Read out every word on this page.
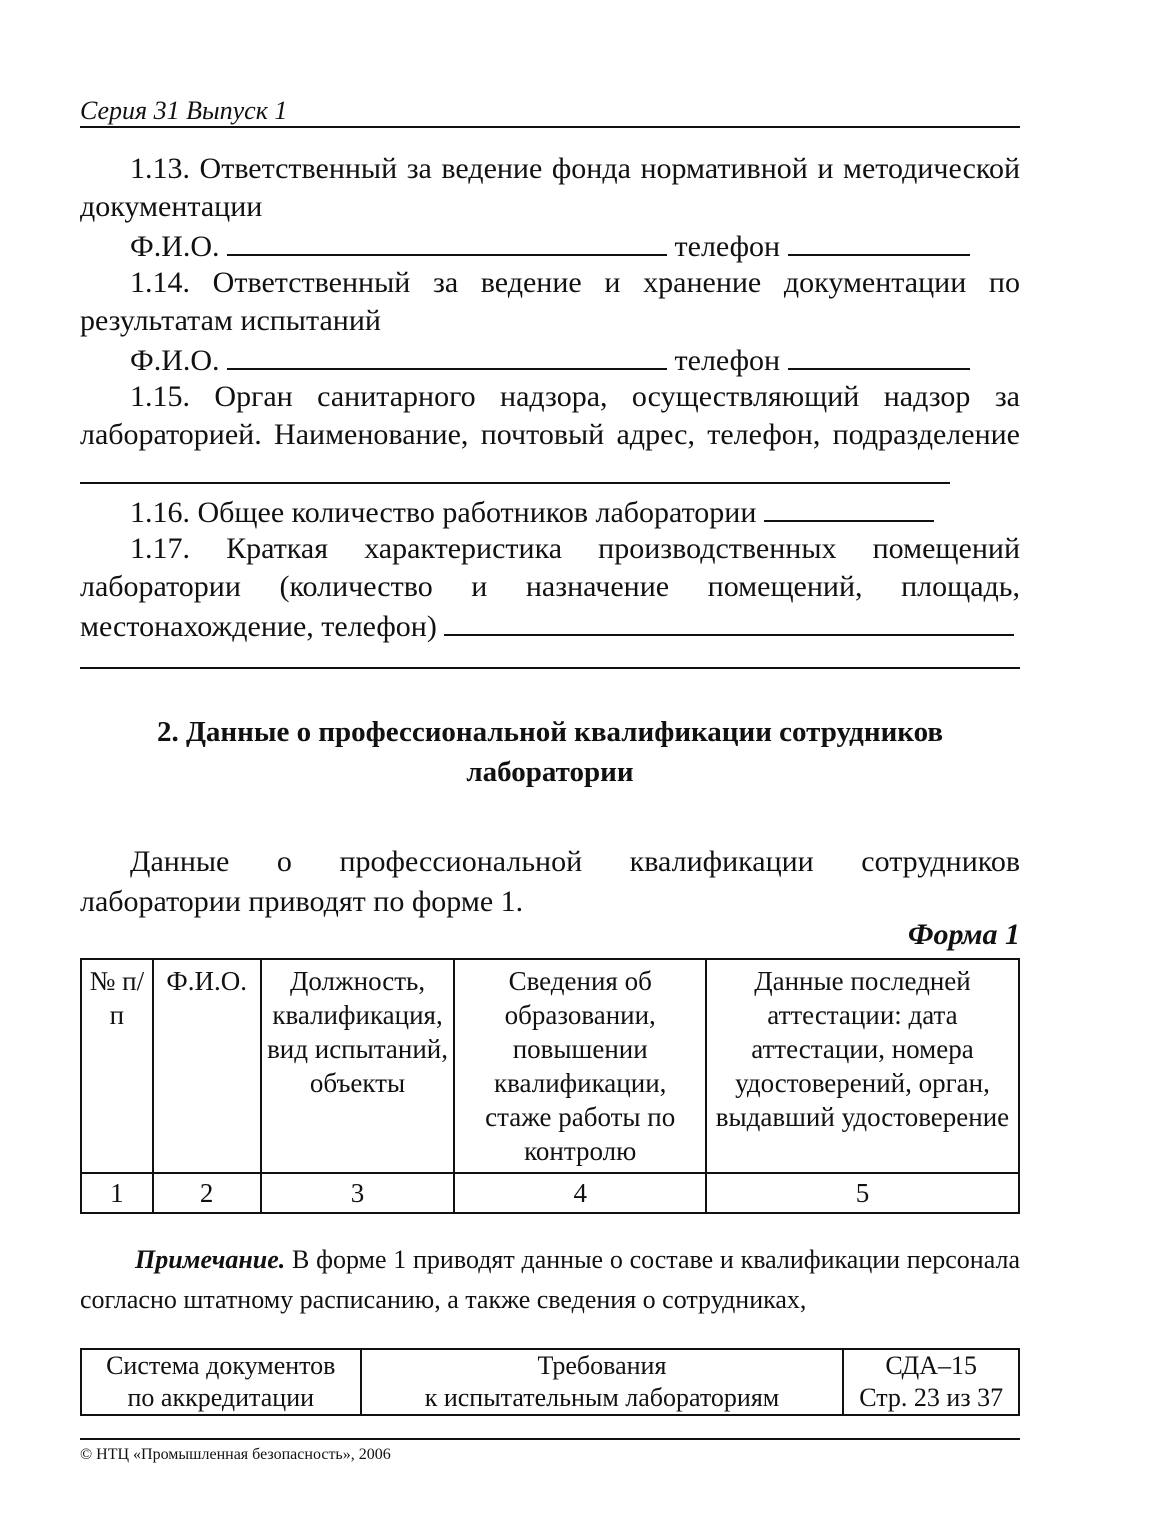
Серия 31 Выпуск 1
1.13. Ответственный за ведение фонда нормативной и методической документации
Ф.И.О.	телефон
1.14. Ответственный за ведение и хранение документации по результатам испытаний
Ф.И.О.	телефон
1.15. Орган санитарного надзора, осуществляющий надзор за лабораторией. Наименование, почтовый адрес, телефон, подразделение
1.16. Общее количество работников лаборатории
1.17. Краткая характеристика производственных помещений лаборатории (количество и назначение помещений, площадь, местонахождение, телефон)
2. Данные о профессиональной квалификации сотрудников
лаборатории
Данные о профессиональной квалификации сотрудников лаборатории приводят по форме 1.
Форма 1
№ п/п	Ф.И.О.	Должность, квалификация, вид испытаний, объекты	Сведения об образовании, повышении квалификации, стаже работы по контролю	Данные последней аттестации: дата аттестации, номера удостоверений, орган, выдавший удостоверение
1	2	3	4	5
Примечание. В форме 1 приводят данные о составе и квалификации персонала согласно штатному расписанию, а также сведения о сотрудниках,
Система документов
по аккредитации

Требования
к испытательным лабораториям

СДА–15
Стр. 23 из 37
© НТЦ «Промышленная безопасность», 2006
